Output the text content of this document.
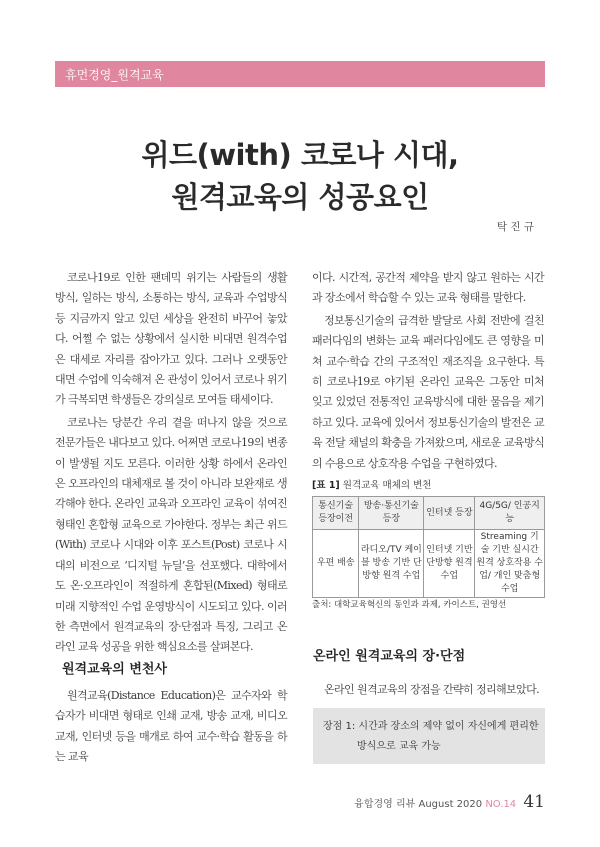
휴먼경영_원격교육
위드(with) 코로나 시대,
원격교육의 성공요인
탁 진 규

코로나19로 인한 팬데믹 위기는 사람들의 생활 방식, 일하는 방식, 소통하는 방식, 교육과 수업방식 등 지금까지 알고 있던 세상을 완전히 바꾸어 놓았다. 어쩔 수 없는 상황에서 실시한 비대면 원격수업은 대세로 자리를 잡아가고 있다. 그러나 오랫동안 대면 수업에 익숙해져 온 관성이 있어서 코로나 위기가 극복되면 학생들은 강의실로 모여들 태세이다.

코로나는 당분간 우리 곁을 떠나지 않을 것으로 전문가들은 내다보고 있다. 어쩌면 코로나19의 변종이 발생될 지도 모른다. 이러한 상황 하에서 온라인은 오프라인의 대체재로 볼 것이 아니라 보완재로 생각해야 한다. 온라인 교육과 오프라인 교육이 섞여진 형태인 혼합형 교육으로 가야한다. 정부는 최근 위드(With) 코로나 시대와 이후 포스트(Post) 코로나 시대의 비전으로 ‘디지털 뉴딜’을 선포했다. 대학에서도 온·오프라인이 적절하게 혼합된(Mixed) 형태로 미래 지향적인 수업 운영방식이 시도되고 있다. 이러한 측면에서 원격교육의 장·단점과 특징, 그리고 온라인 교육 성공을 위한 핵심요소를 살펴본다.

원격교육의 변천사

원격교육(Distance Education)은 교수자와 학습자가 비대면 형태로 인쇄 교재, 방송 교재, 비디오 교재, 인터넷 등을 매개로 하여 교수·학습 활동을 하는 교육

이다. 시간적, 공간적 제약을 받지 않고 원하는 시간과 장소에서 학습할 수 있는 교육 형태를 말한다.

정보통신기술의 급격한 발달로 사회 전반에 걸친 패러다임의 변화는 교육 패러다임에도 큰 영향을 미쳐 교수·학습 간의 구조적인 재조직을 요구한다. 특히 코로나19로 야기된 온라인 교육은 그동안 미처 잊고 있었던 전통적인 교육방식에 대한 물음을 제기하고 있다. 교육에 있어서 정보통신기술의 발전은 교육 전달 채널의 확충을 가져왔으며, 새로운 교육방식의 수용으로 상호작용 수업을 구현하였다.

[표 1] 원격교육 매체의 변천
통신기술 등장이전	방송·통신기술 등장	인터넷 등장	4G/5G/ 인공지능
우편 배송	라디오/TV 케이블 방송 기반 단방향 원격 수업	인터넷 기반 단방향 원격 수업	Streaming 기술 기반 실시간 원격 상호작용 수업/ 개인 맞춤형 수업
출처: 대학교육혁신의 동인과 과제, 카이스트, 권영선
온라인 원격교육의 장·단점

온라인 원격교육의 장점을 간략히 정리해보았다.

장점 1: 시간과 장소의 제약 없이 자신에게 편리한
방식으로 교육 가능
융합경영 리뷰 August 2020 NO.14 41
